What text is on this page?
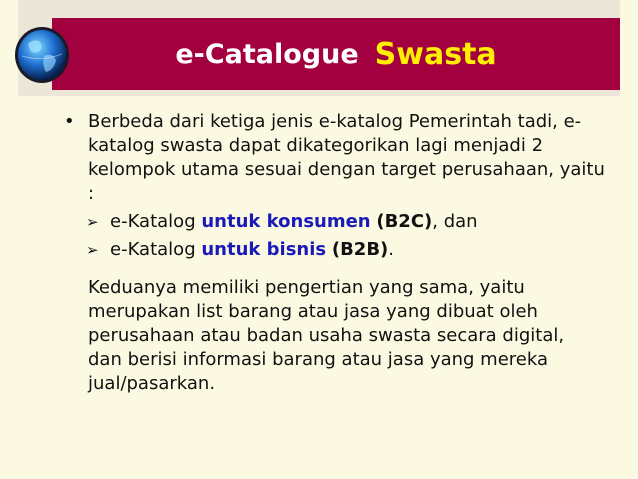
e-Catalogue Swasta
• Berbeda dari ketiga jenis e-katalog Pemerintah tadi, e-katalog swasta dapat dikategorikan lagi menjadi 2 kelompok utama sesuai dengan target perusahaan, yaitu :
➢ e-Katalog untuk konsumen (B2C), dan
➢ e-Katalog untuk bisnis (B2B).
Keduanya memiliki pengertian yang sama, yaitu merupakan list barang atau jasa yang dibuat oleh perusahaan atau badan usaha swasta secara digital, dan berisi informasi barang atau jasa yang mereka jual/pasarkan.
